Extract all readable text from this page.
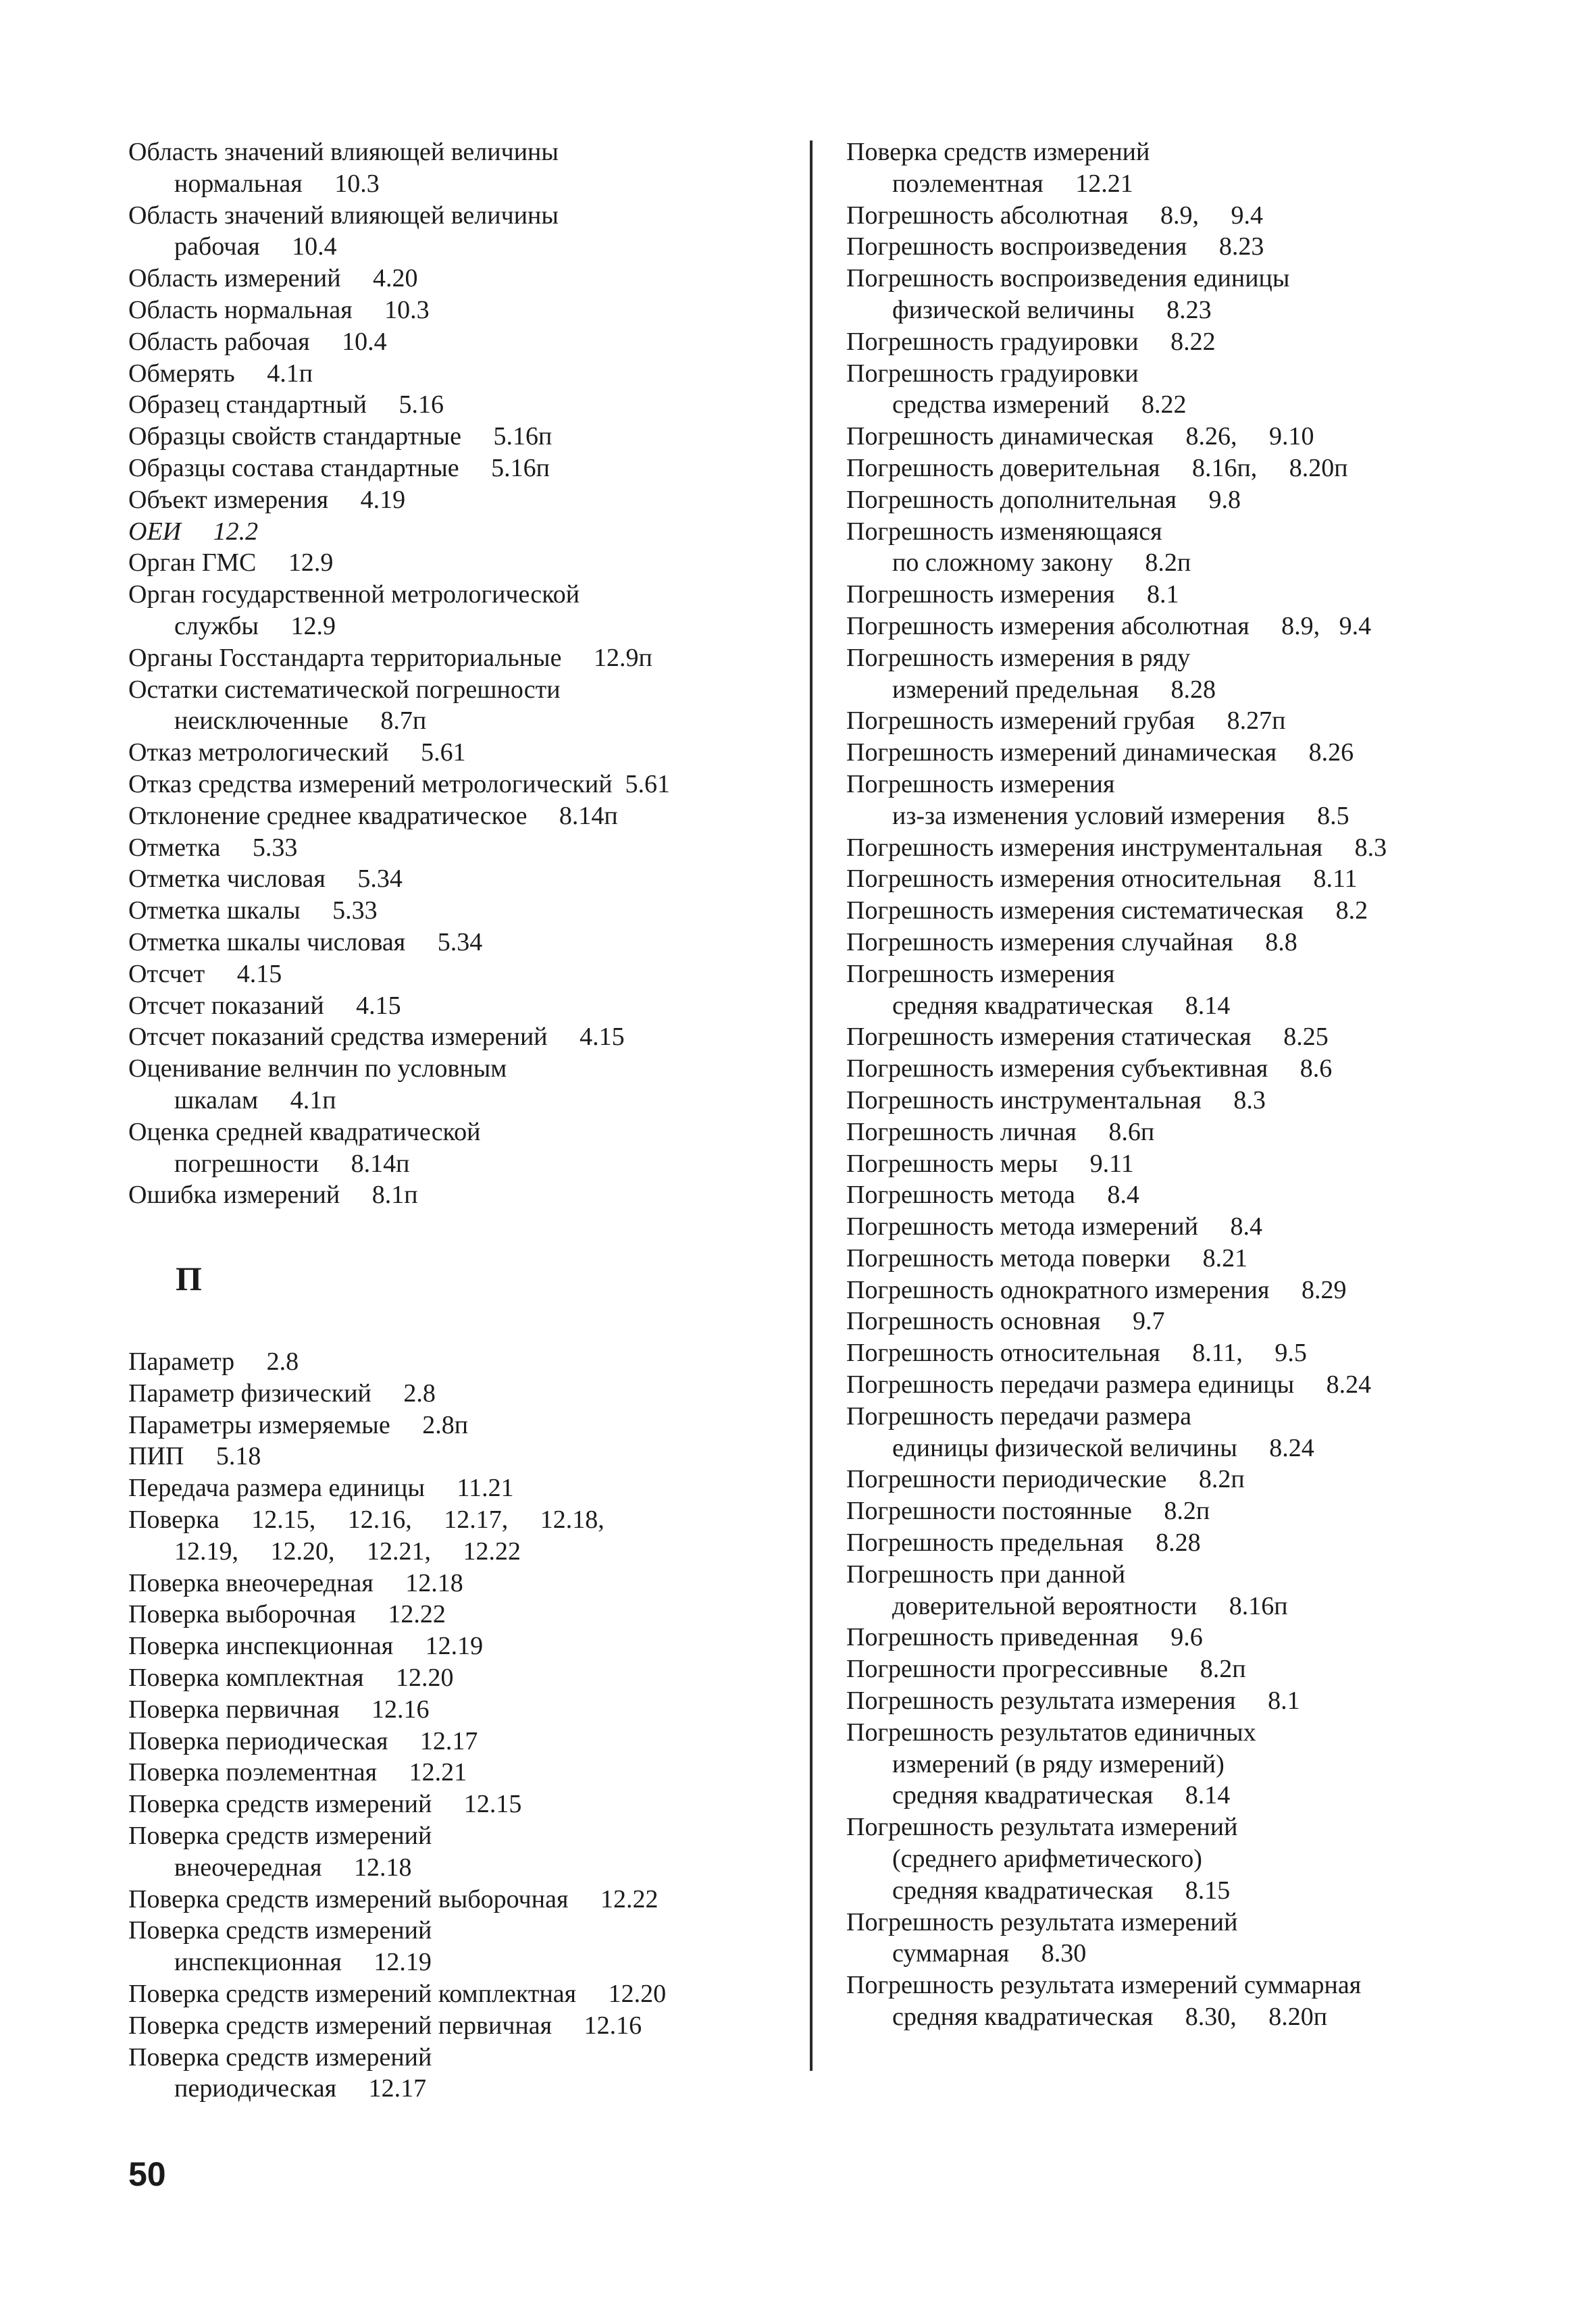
Область значений влияющей величины
нормальная     10.3
Область значений влияющей величины
рабочая     10.4
Область измерений     4.20
Область нормальная     10.3
Область рабочая     10.4
Обмерять     4.1п
Образец стандартный     5.16
Образцы свойств стандартные     5.16п
Образцы состава стандартные     5.16п
Объект измерения     4.19
ОЕИ     12.2
Орган ГМС     12.9
Орган государственной метрологической
службы     12.9
Органы Госстандарта территориальные     12.9п
Остатки систематической погрешности
неисключенные     8.7п
Отказ метрологический     5.61
Отказ средства измерений метрологический  5.61
Отклонение среднее квадратическое     8.14п
Отметка     5.33
Отметка числовая     5.34
Отметка шкалы     5.33
Отметка шкалы числовая     5.34
Отсчет     4.15
Отсчет показаний     4.15
Отсчет показаний средства измерений     4.15
Оценивание велнчин по условным
шкалам     4.1п
Оценка средней квадратической
погрешности     8.14п
Ошибка измерений     8.1п
П
Параметр     2.8
Параметр физический     2.8
Параметры измеряемые     2.8п
ПИП     5.18
Передача размера единицы     11.21
Поверка     12.15,     12.16,     12.17,     12.18,
12.19,     12.20,     12.21,     12.22
Поверка внеочередная     12.18
Поверка выборочная     12.22
Поверка инспекционная     12.19
Поверка комплектная     12.20
Поверка первичная     12.16
Поверка периодическая     12.17
Поверка поэлементная     12.21
Поверка средств измерений     12.15
Поверка средств измерений
внеочередная     12.18
Поверка средств измерений выборочная     12.22
Поверка средств измерений
инспекционная     12.19
Поверка средств измерений комплектная     12.20
Поверка средств измерений первичная     12.16
Поверка средств измерений
периодическая     12.17
Поверка средств измерений
поэлементная     12.21
Погрешность абсолютная     8.9,     9.4
Погрешность воспроизведения     8.23
Погрешность воспроизведения единицы
физической величины     8.23
Погрешность градуировки     8.22
Погрешность градуировки
средства измерений     8.22
Погрешность динамическая     8.26,     9.10
Погрешность доверительная     8.16п,     8.20п
Погрешность дополнительная     9.8
Погрешность изменяющаяся
по сложному закону     8.2п
Погрешность измерения     8.1
Погрешность измерения абсолютная     8.9,   9.4
Погрешность измерения в ряду
измерений предельная     8.28
Погрешность измерений грубая     8.27п
Погрешность измерений динамическая     8.26
Погрешность измерения
из-за изменения условий измерения     8.5
Погрешность измерения инструментальная     8.3
Погрешность измерения относительная     8.11
Погрешность измерения систематическая     8.2
Погрешность измерения случайная     8.8
Погрешность измерения
средняя квадратическая     8.14
Погрешность измерения статическая     8.25
Погрешность измерения субъективная     8.6
Погрешность инструментальная     8.3
Погрешность личная     8.6п
Погрешность меры     9.11
Погрешность метода     8.4
Погрешность метода измерений     8.4
Погрешность метода поверки     8.21
Погрешность однократного измерения     8.29
Погрешность основная     9.7
Погрешность относительная     8.11,     9.5
Погрешность передачи размера единицы     8.24
Погрешность передачи размера
единицы физической величины     8.24
Погрешности периодические     8.2п
Погрешности постоянные     8.2п
Погрешность предельная     8.28
Погрешность при данной
доверительной вероятности     8.16п
Погрешность приведенная     9.6
Погрешности прогрессивные     8.2п
Погрешность результата измерения     8.1
Погрешность результатов единичных
измерений (в ряду измерений)
средняя квадратическая     8.14
Погрешность результата измерений
(среднего арифметического)
средняя квадратическая     8.15
Погрешность результата измерений
суммарная     8.30
Погрешность результата измерений суммарная
средняя квадратическая     8.30,     8.20п
50
